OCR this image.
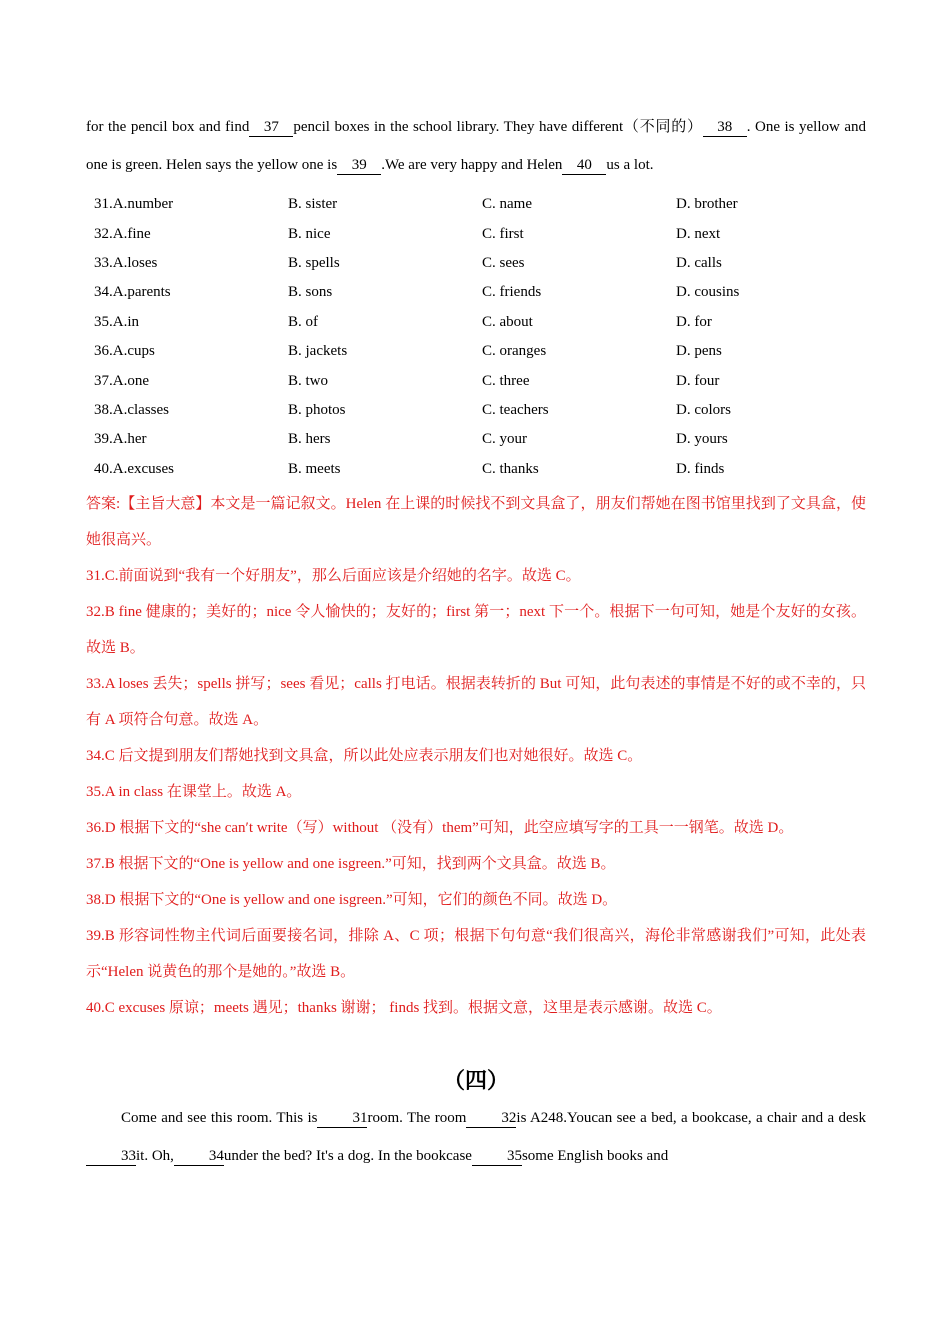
for the pencil box and find 37 pencil boxes in the school library. They have different（不同的） 38 . One is yellow and one is green. Helen says the yellow one is 39 .We are very happy and Helen 40 us a lot.

31.A.number	B. sister	C. name	D. brother
32.A.fine	B. nice	C. first	D. next
33.A.loses	B. spells	C. sees	D. calls
34.A.parents	B. sons	C. friends	D. cousins
35.A.in	B. of	C. about	D. for
36.A.cups	B. jackets	C. oranges	D. pens
37.A.one	B. two	C. three	D. four
38.A.classes	B. photos	C. teachers	D. colors
39.A.her	B. hers	C. your	D. yours
40.A.excuses	B. meets	C. thanks	D. finds

答案:【主旨大意】本文是一篇记叙文。Helen 在上课的时候找不到文具盒了，朋友们帮她在图书馆里找到了文具盒，使她很高兴。

31.C.前面说到“我有一个好朋友”，那么后面应该是介绍她的名字。故选 C。

32.B fine 健康的；美好的；nice 令人愉快的；友好的；first 第一；next 下一个。根据下一句可知，她是个友好的女孩。故选 B。

33.A loses 丢失；spells 拼写；sees 看见；calls 打电话。根据表转折的 But 可知，此句表述的事情是不好的或不幸的，只有 A 项符合句意。故选 A。

34.C 后文提到朋友们帮她找到文具盒，所以此处应表示朋友们也对她很好。故选 C。

35.A in class 在课堂上。故选 A。

36.D 根据下文的“she can′t write（写）without （没有）them”可知，此空应填写字的工具一一钢笔。故选 D。

37.B 根据下文的“One is yellow and one isgreen.”可知，找到两个文具盒。故选 B。

38.D 根据下文的“One is yellow and one isgreen.”可知，它们的颜色不同。故选 D。

39.B 形容词性物主代词后面要接名词，排除 A、C 项；根据下句句意“我们很高兴，海伦非常感谢我们”可知，此处表示“Helen 说黄色的那个是她的。”故选 B。

40.C excuses 原谅；meets 遇见；thanks 谢谢； finds 找到。根据文意，这里是表示感谢。故选 C。

（四）

Come and see this room. This is 31room. The room 32is A248.Youcan see a bed, a bookcase, a chair and a desk33it. Oh, 34under the bed? It's a dog. In the bookcase 35some English books and
